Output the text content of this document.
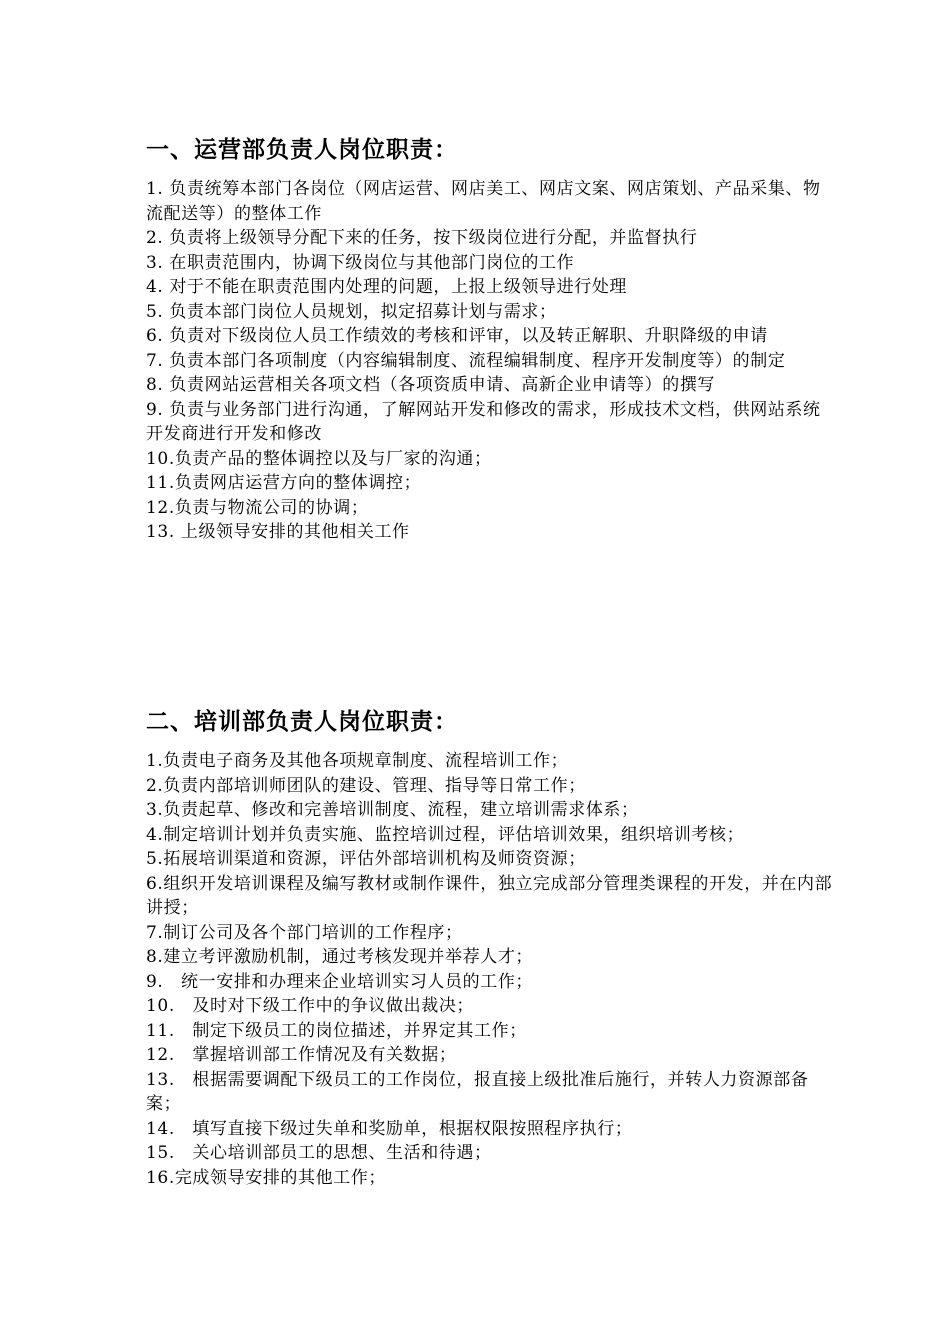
一、运营部负责人岗位职责：
1. 负责统筹本部门各岗位（网店运营、网店美工、网店文案、网店策划、产品采集、物流配送等）的整体工作
2. 负责将上级领导分配下来的任务，按下级岗位进行分配，并监督执行
3. 在职责范围内，协调下级岗位与其他部门岗位的工作
4. 对于不能在职责范围内处理的问题，上报上级领导进行处理
5. 负责本部门岗位人员规划，拟定招募计划与需求；
6. 负责对下级岗位人员工作绩效的考核和评审，以及转正解职、升职降级的申请
7. 负责本部门各项制度（内容编辑制度、流程编辑制度、程序开发制度等）的制定
8. 负责网站运营相关各项文档（各项资质申请、高新企业申请等）的撰写
9. 负责与业务部门进行沟通，了解网站开发和修改的需求，形成技术文档，供网站系统开发商进行开发和修改
10.负责产品的整体调控以及与厂家的沟通；
11.负责网店运营方向的整体调控；
12.负责与物流公司的协调；
13. 上级领导安排的其他相关工作
二、培训部负责人岗位职责：
1.负责电子商务及其他各项规章制度、流程培训工作；
2.负责内部培训师团队的建设、管理、指导等日常工作；
3.负责起草、修改和完善培训制度、流程，建立培训需求体系；
4.制定培训计划并负责实施、监控培训过程，评估培训效果，组织培训考核；
5.拓展培训渠道和资源，评估外部培训机构及师资资源；
6.组织开发培训课程及编写教材或制作课件，独立完成部分管理类课程的开发，并在内部讲授；
7.制订公司及各个部门培训的工作程序；
8.建立考评激励机制，通过考核发现并举荐人才；
9.　统一安排和办理来企业培训实习人员的工作；
10.　及时对下级工作中的争议做出裁决；
11.　制定下级员工的岗位描述，并界定其工作；
12.　掌握培训部工作情况及有关数据；
13.　根据需要调配下级员工的工作岗位，报直接上级批准后施行，并转人力资源部备案；
14.　填写直接下级过失单和奖励单，根据权限按照程序执行；
15.　关心培训部员工的思想、生活和待遇；
16.完成领导安排的其他工作；
